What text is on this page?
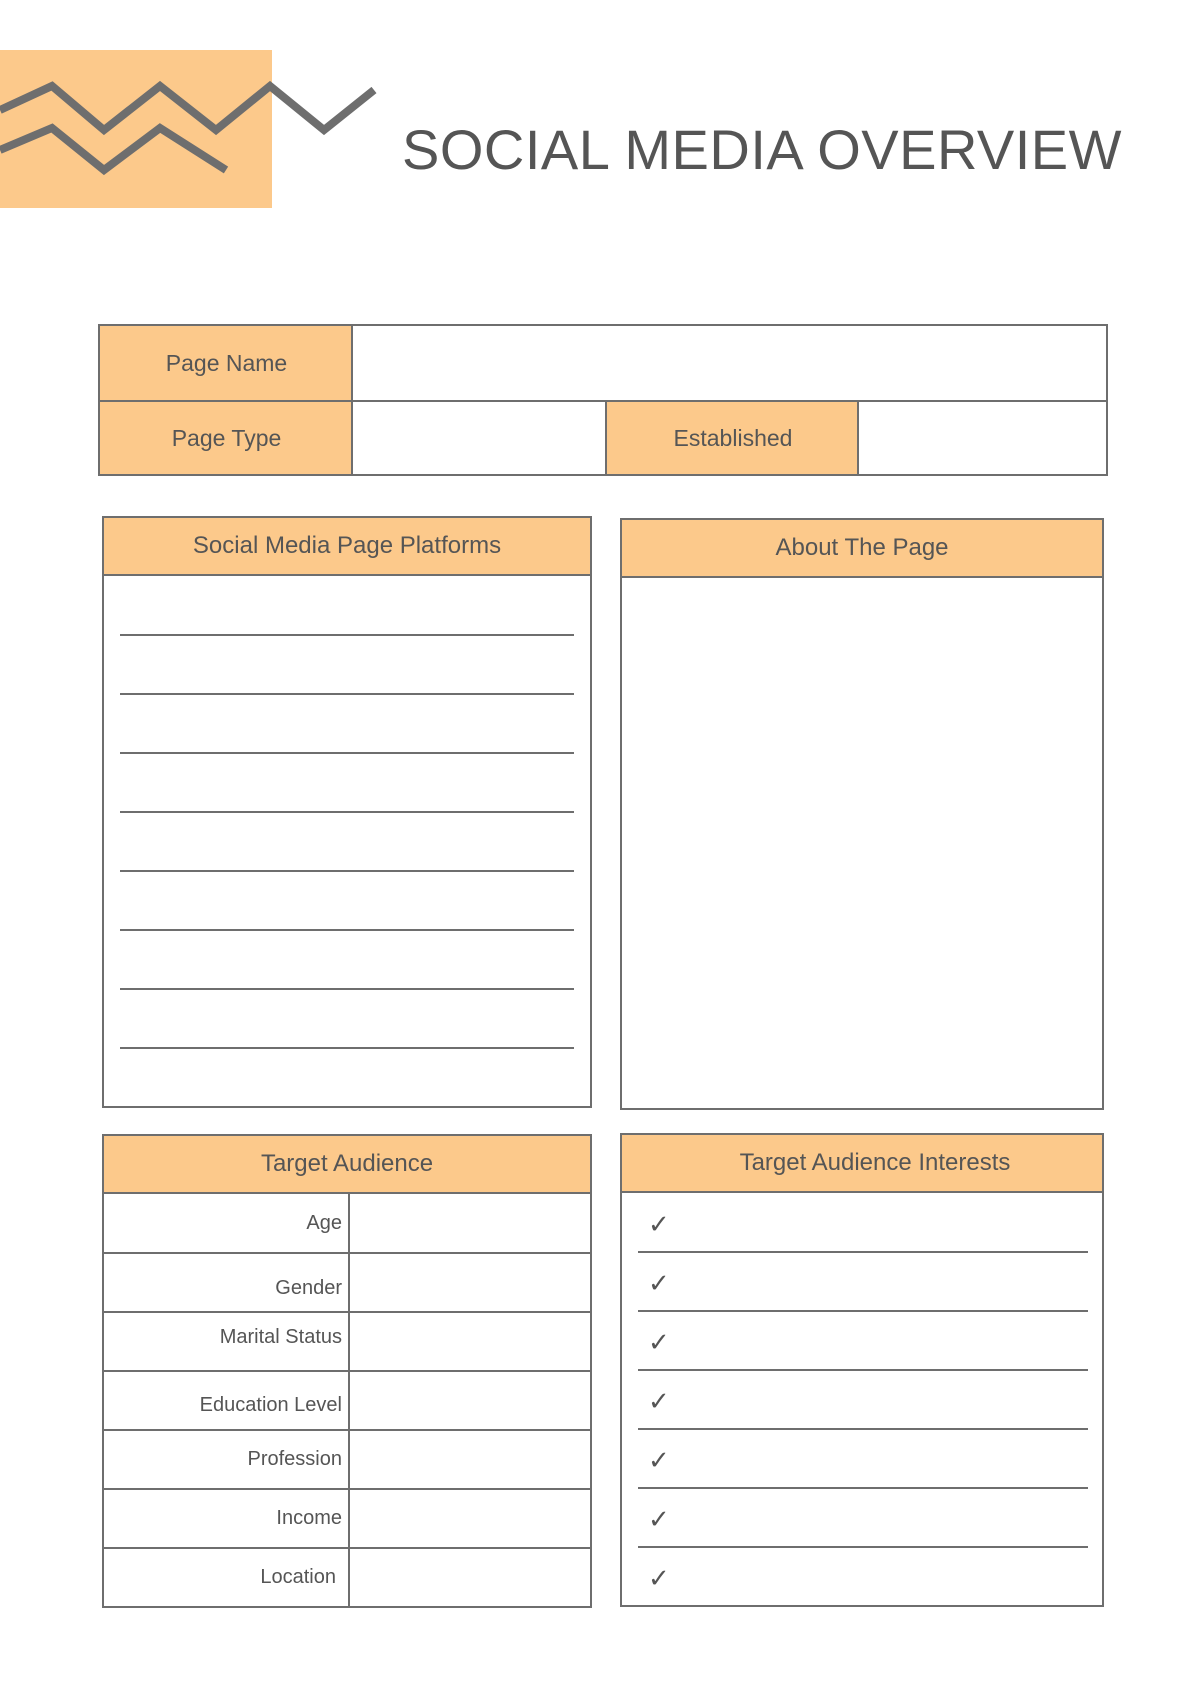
SOCIAL MEDIA OVERVIEW
Page Name
Page Type	Established
Social Media Page Platforms	About The Page
Target Audience
Age
Gender
Marital Status
Education Level
Profession
Income
Location
Target Audience Interests
✓
✓
✓
✓
✓
✓
✓
